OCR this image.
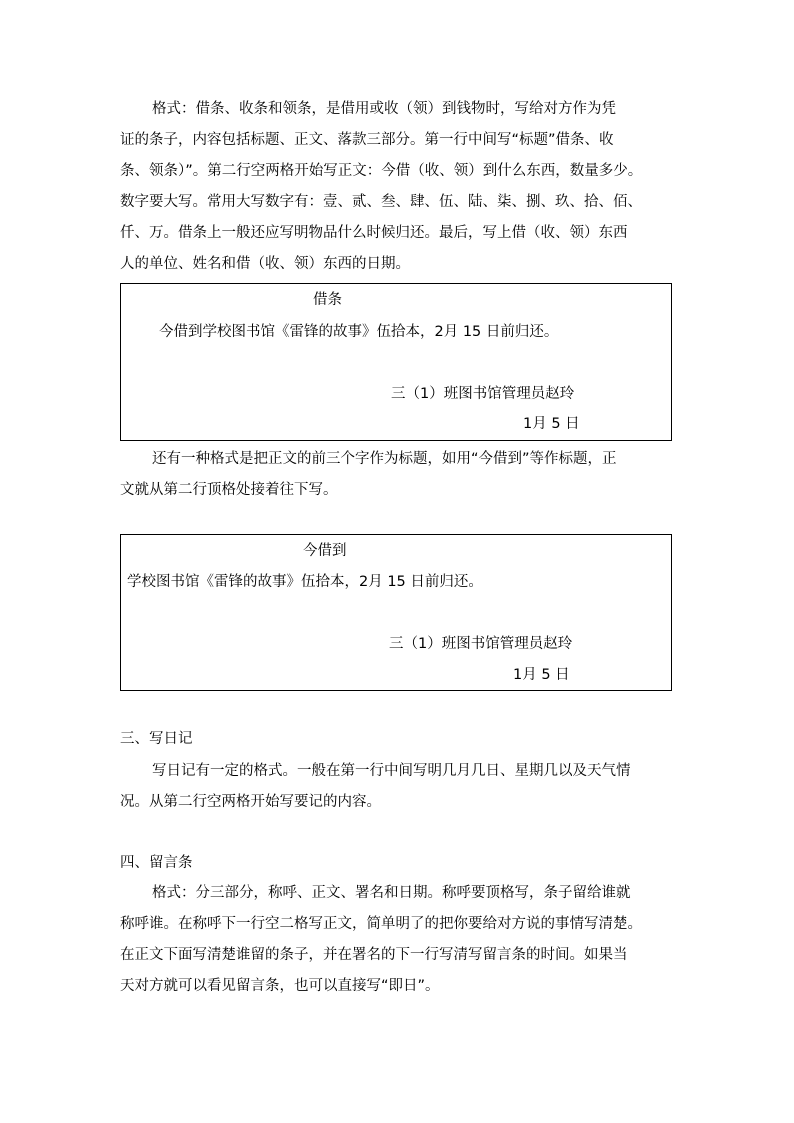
格式：借条、收条和领条，是借用或收（领）到钱物时，写给对方作为凭
证的条子，内容包括标题、正文、落款三部分。第一行中间写“标题”借条、收
条、领条）”。第二行空两格开始写正文：今借（收、领）到什么东西，数量多少。
数字要大写。常用大写数字有：壹、贰、叁、肆、伍、陆、柒、捌、玖、拾、佰、
仟、万。借条上一般还应写明物品什么时候归还。最后，写上借（收、领）东西
人的单位、姓名和借（收、领）东西的日期。
借条
今借到学校图书馆《雷锋的故事》伍拾本，2月 15 日前归还。
三（1）班图书馆管理员赵玲
1月 5 日
还有一种格式是把正文的前三个字作为标题，如用“今借到”等作标题，正
文就从第二行顶格处接着往下写。
今借到
学校图书馆《雷锋的故事》伍拾本，2月 15 日前归还。
三（1）班图书馆管理员赵玲
1月 5 日
三、写日记
写日记有一定的格式。一般在第一行中间写明几月几日、星期几以及天气情
况。从第二行空两格开始写要记的内容。
四、留言条
格式：分三部分，称呼、正文、署名和日期。称呼要顶格写，条子留给谁就
称呼谁。在称呼下一行空二格写正文，简单明了的把你要给对方说的事情写清楚。
在正文下面写清楚谁留的条子，并在署名的下一行写清写留言条的时间。如果当
天对方就可以看见留言条，也可以直接写“即日”。
